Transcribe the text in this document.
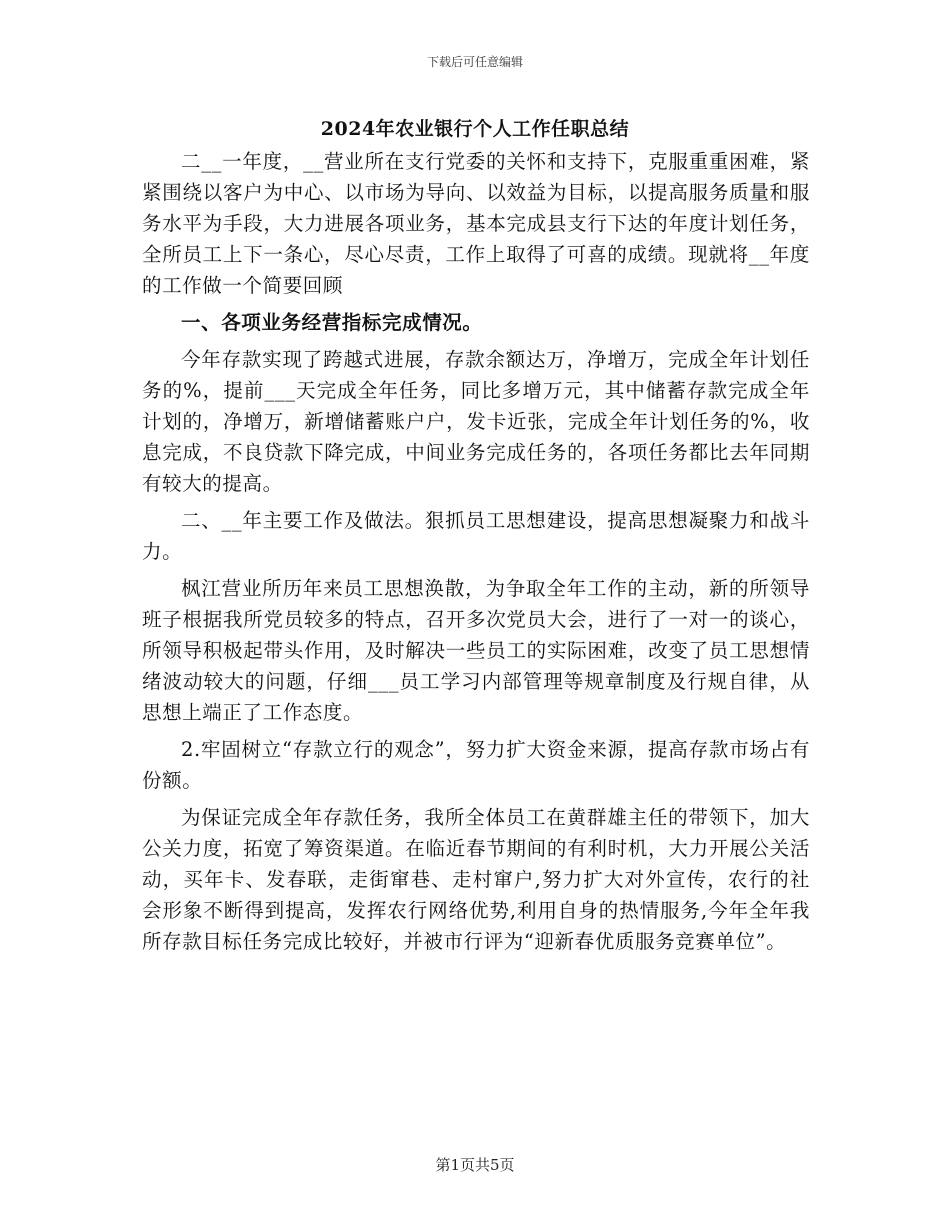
下载后可任意编辑
2024年农业银行个人工作任职总结

二__一年度，__营业所在支行党委的关怀和支持下，克服重重困难，紧紧围绕以客户为中心、以市场为导向、以效益为目标，以提高服务质量和服务水平为手段，大力进展各项业务，基本完成县支行下达的年度计划任务，全所员工上下一条心，尽心尽责，工作上取得了可喜的成绩。现就将__年度的工作做一个简要回顾

一、各项业务经营指标完成情况。

今年存款实现了跨越式进展，存款余额达万，净增万，完成全年计划任务的%，提前___天完成全年任务，同比多增万元，其中储蓄存款完成全年计划的，净增万，新增储蓄账户户，发卡近张，完成全年计划任务的%，收息完成，不良贷款下降完成，中间业务完成任务的，各项任务都比去年同期有较大的提高。

二、__年主要工作及做法。狠抓员工思想建设，提高思想凝聚力和战斗力。

枫江营业所历年来员工思想涣散，为争取全年工作的主动，新的所领导班子根据我所党员较多的特点，召开多次党员大会，进行了一对一的谈心，所领导积极起带头作用，及时解决一些员工的实际困难，改变了员工思想情绪波动较大的问题，仔细___员工学习内部管理等规章制度及行规自律，从思想上端正了工作态度。

2.牢固树立“存款立行的观念”，努力扩大资金来源，提高存款市场占有份额。

为保证完成全年存款任务，我所全体员工在黄群雄主任的带领下，加大公关力度，拓宽了筹资渠道。在临近春节期间的有利时机，大力开展公关活动，买年卡、发春联，走街窜巷、走村窜户,努力扩大对外宣传，农行的社会形象不断得到提高，发挥农行网络优势,利用自身的热情服务,今年全年我所存款目标任务完成比较好，并被市行评为“迎新春优质服务竞赛单位”。

第1页共5页
